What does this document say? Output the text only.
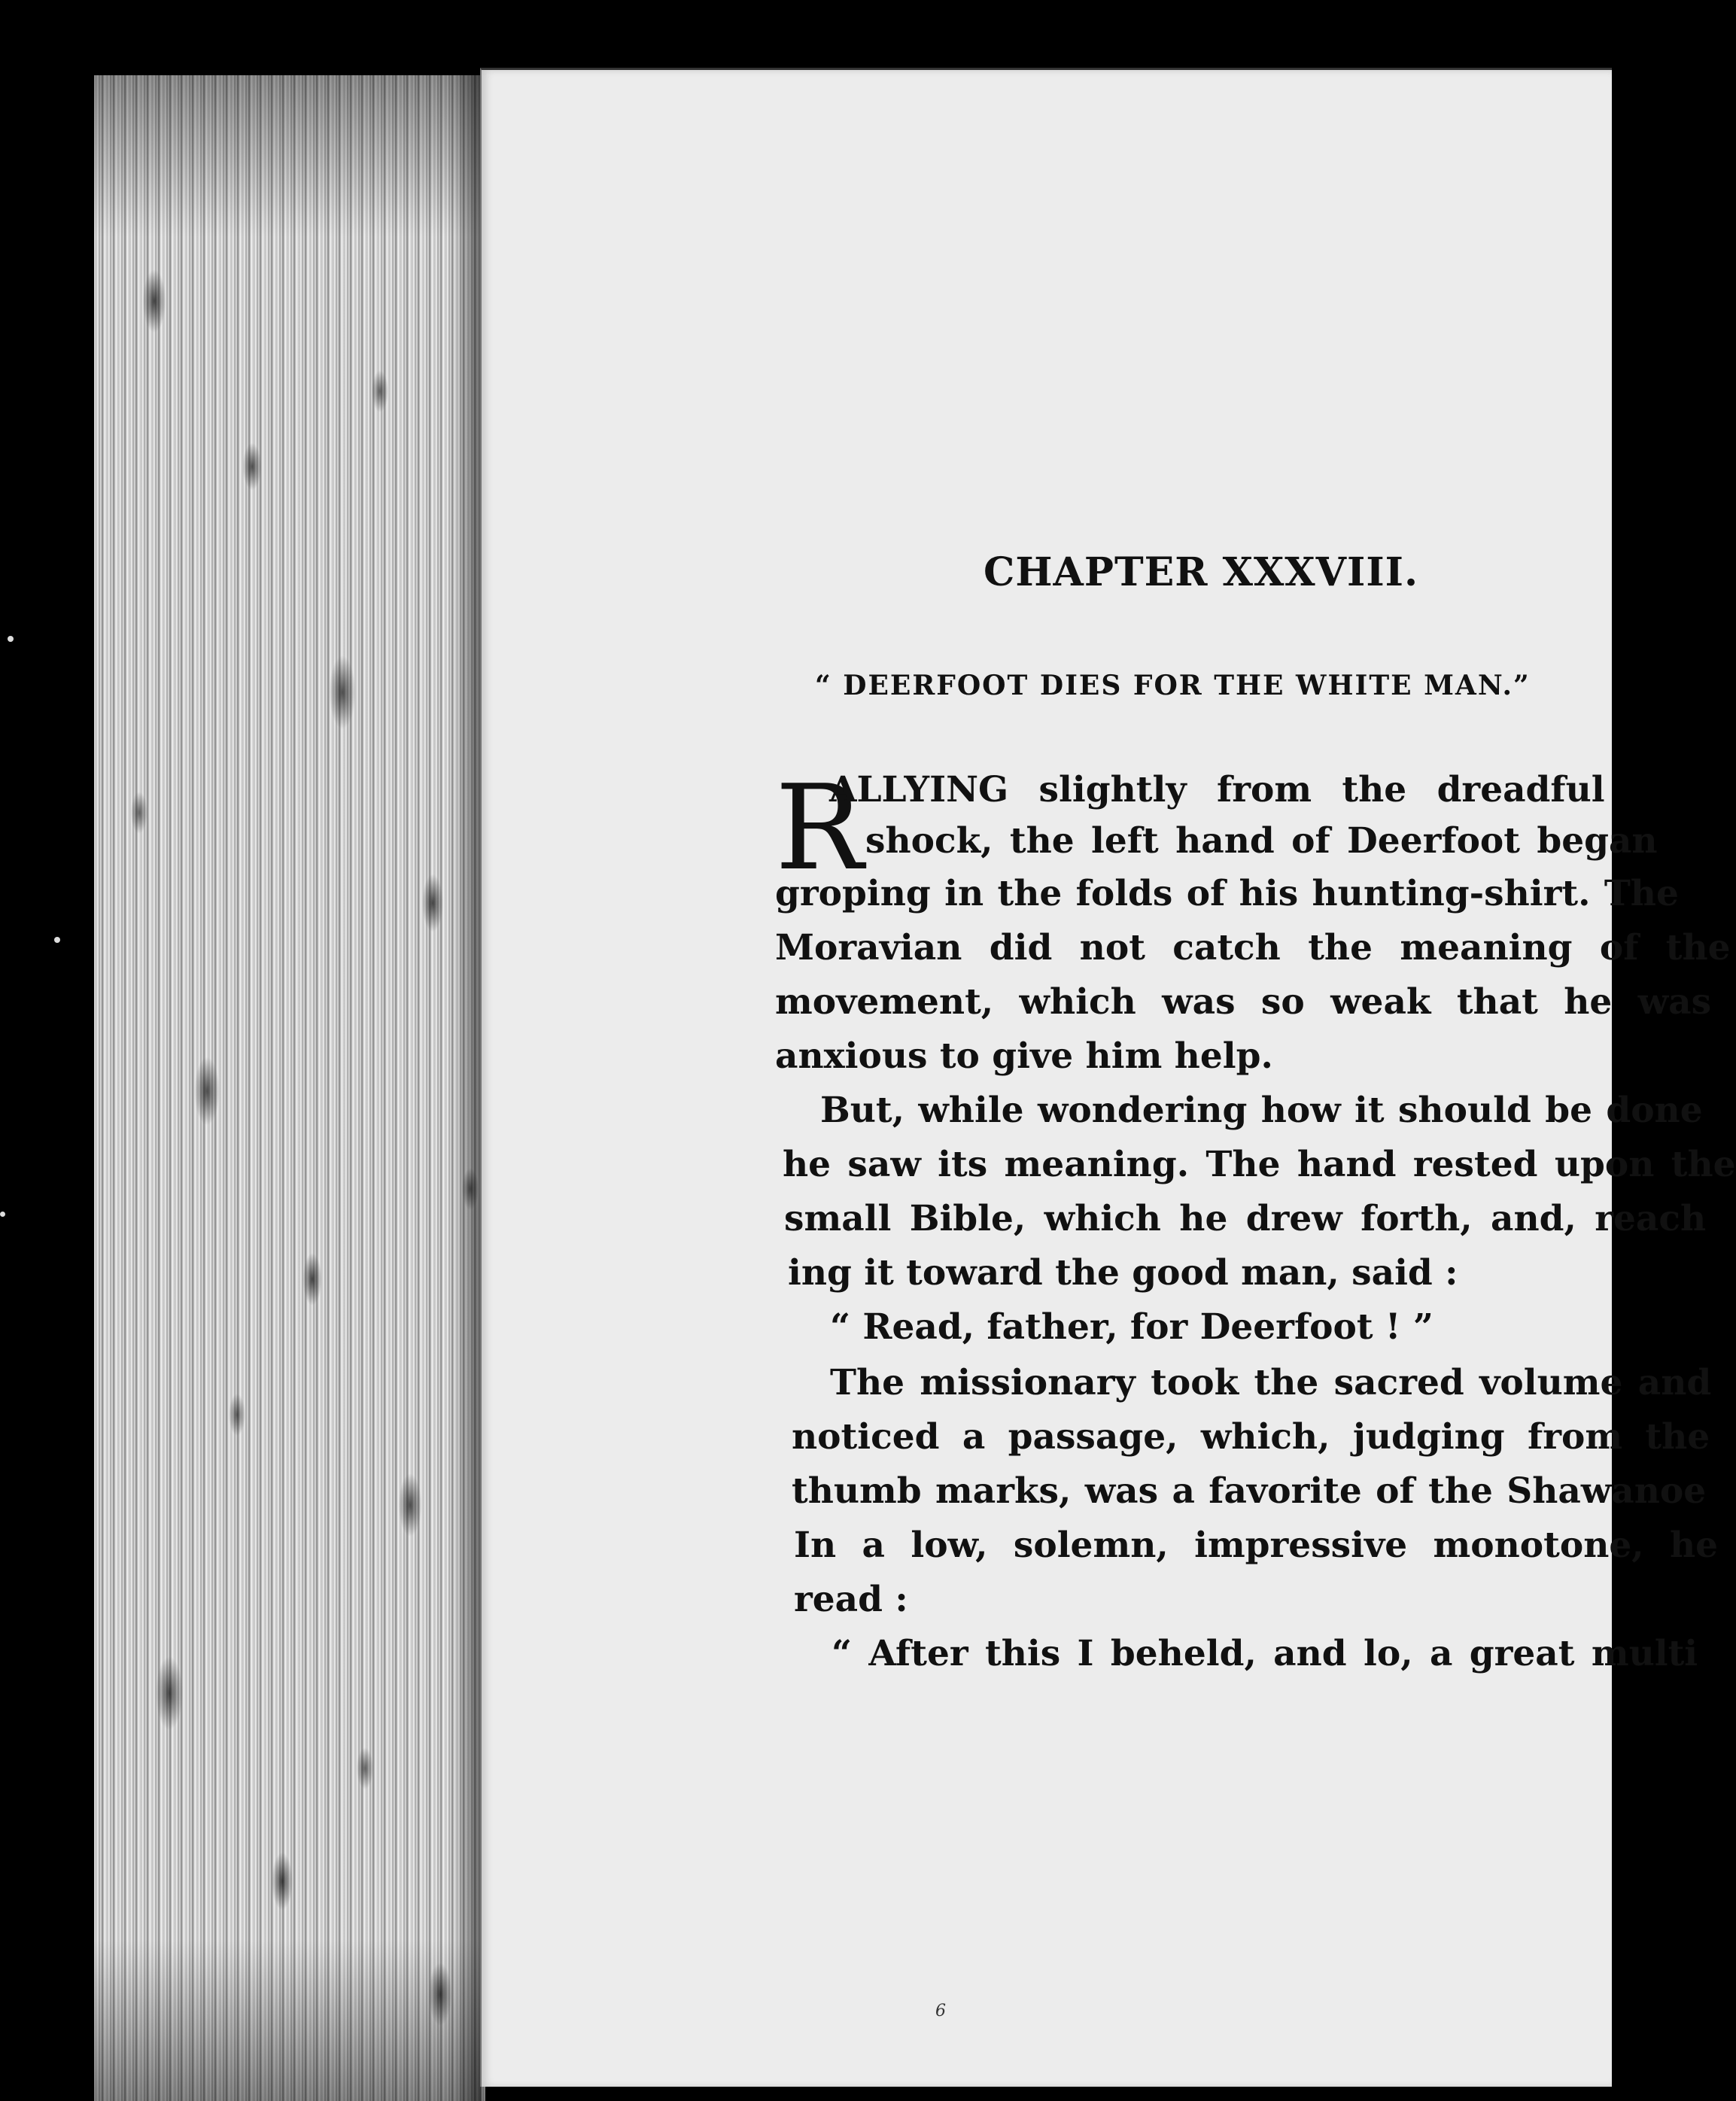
CHAPTER XXXVIII.
“ DEERFOOT DIES FOR THE WHITE MAN.”
R
ALLYING slightly from the dreadful
shock, the left hand of Deerfoot began
groping in the folds of his hunting-shirt. The
Moravian did not catch the meaning of the
movement, which was so weak that he was
anxious to give him help.
But, while wondering how it should be done
he saw its meaning. The hand rested upon the
small Bible, which he drew forth, and, reach
ing it toward the good man, said :
“ Read, father, for Deerfoot ! ”
The missionary took the sacred volume and
noticed a passage, which, judging from the
thumb marks, was a favorite of the Shawanoe
In a low, solemn, impressive monotone, he
read :
“ After this I beheld, and lo, a great multi
6
